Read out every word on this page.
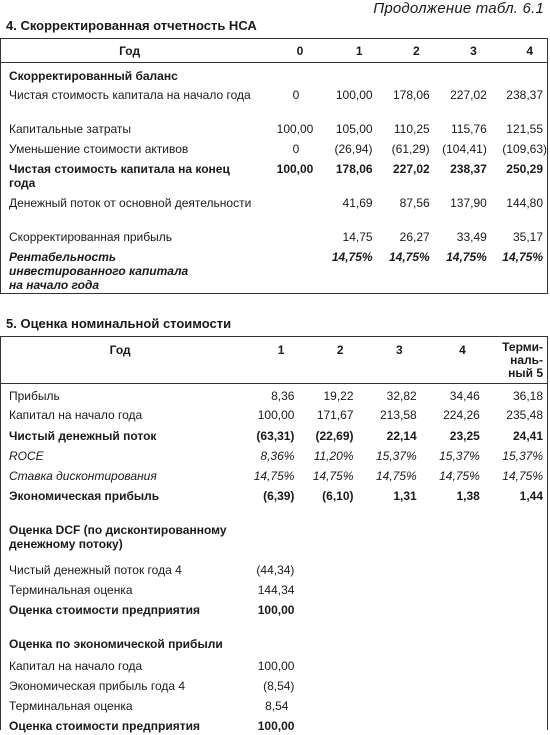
Продолжение табл. 6.1
4. Скорректированная отчетность НСА
Год	0	1	2	3	4
Скорректированный баланс					
Чистая стоимость капитала на начало года	0	100,00	178,06	227,02	238,37
Капитальные затраты	100,00	105,00	110,25	115,76	121,55
Уменьшение стоимости активов	0	(26,94)	(61,29)	(104,41)	(109,63)
Чистая стоимость капитала на конец года	100,00	178,06	227,02	238,37	250,29
Денежный поток от основной деятельности		41,69	87,56	137,90	144,80
Скорректированная прибыль		14,75	26,27	33,49	35,17
Рентабельность инвестированного капитала на начало года		14,75%	14,75%	14,75%	14,75%
5. Оценка номинальной стоимости
Год	1	2	3	4	Терми-наль-ный 5
Прибыль	8,36	19,22	32,82	34,46	36,18
Капитал на начало года	100,00	171,67	213,58	224,26	235,48
Чистый денежный поток	(63,31)	(22,69)	22,14	23,25	24,41
ROCE	8,36%	11,20%	15,37%	15,37%	15,37%
Ставка дисконтирования	14,75%	14,75%	14,75%	14,75%	14,75%
Экономическая прибыль	(6,39)	(6,10)	1,31	1,38	1,44
Оценка DCF (по дисконтированному денежному потоку)					
Чистый денежный поток года 4	(44,34)				
Терминальная оценка	144,34				
Оценка стоимости предприятия	100,00				
Оценка по экономической прибыли					
Капитал на начало года	100,00				
Экономическая прибыль года 4	(8,54)				
Терминальная оценка	8,54				
Оценка стоимости предприятия	100,00				
